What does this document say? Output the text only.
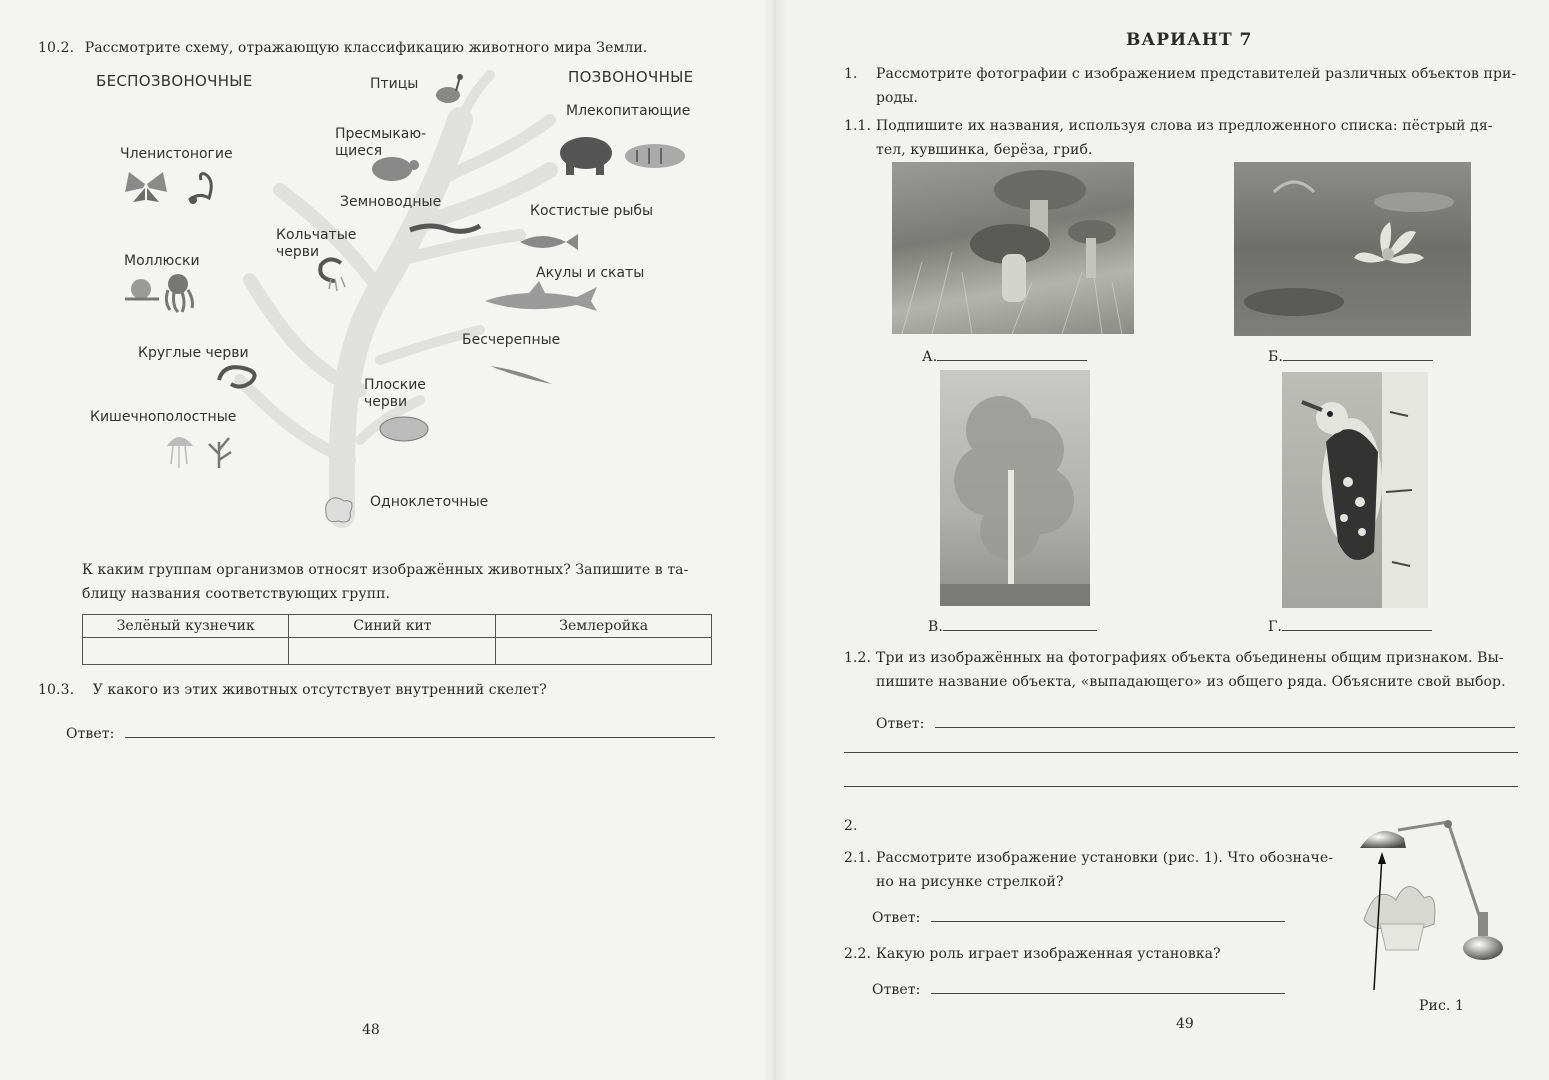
10.2. Рассмотрите схему, отражающую классификацию животного мира Земли.
БЕСПОЗВОНОЧНЫЕ	ПОЗВОНОЧНЫЕ
Птицы
Пресмыкаю-
щиеся
Членистоногие
Земноводные
Кольчатые
черви
Млекопитающие
Костистые рыбы
Моллюски
Акулы и скаты
Бесчерепные
Круглые черви
Плоские
черви
Кишечнополостные
Одноклеточные
К каким группам организмов относят изображённых животных? Запишите в та-
блицу названия соответствующих групп.
Зелёный кузнечик	Синий кит	Землеройка

10.3. У какого из этих животных отсутствует внутренний скелет?
Ответ:
48
ВАРИАНТ 7
1. Рассмотрите фотографии с изображением представителей различных объектов при-
роды.
1.1. Подпишите их названия, используя слова из предложенного списка: пёстрый дя-
тел, кувшинка, берёза, гриб.
А.	Б.
В.	Г.
1.2. Три из изображённых на фотографиях объекта объединены общим признаком. Вы-
пишите название объекта, «выпадающего» из общего ряда. Объясните свой выбор.
Ответ:
2.
2.1. Рассмотрите изображение установки (рис. 1). Что обозначе-
но на рисунке стрелкой?
Ответ:
2.2. Какую роль играет изображенная установка?
Ответ:
Рис. 1
49
